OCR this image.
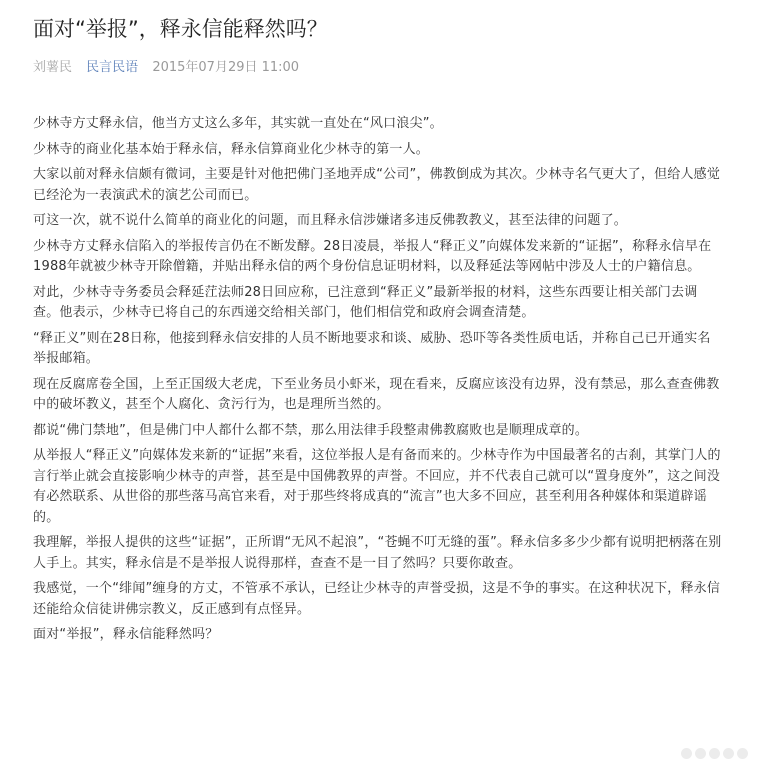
面对“举报”，释永信能释然吗？
刘薯民 民言民语 2015年07月29日 11:00

少林寺方丈释永信，他当方丈这么多年，其实就一直处在“风口浪尖”。

少林寺的商业化基本始于释永信，释永信算商业化少林寺的第一人。

大家以前对释永信颇有微词，主要是针对他把佛门圣地弄成“公司”，佛教倒成为其次。少林寺名气更大了，但给人感觉已经沦为一表演武术的演艺公司而已。

可这一次，就不说什么简单的商业化的问题，而且释永信涉嫌诸多违反佛教教义，甚至法律的问题了。

少林寺方丈释永信陷入的举报传言仍在不断发酵。28日凌晨，举报人“释正义”向媒体发来新的“证据”，称释永信早在1988年就被少林寺开除僧籍，并贴出释永信的两个身份信息证明材料，以及释延法等网帖中涉及人士的户籍信息。

对此，少林寺寺务委员会释延茳法师28日回应称，已注意到“释正义”最新举报的材料，这些东西要让相关部门去调查。他表示，少林寺已将自己的东西递交给相关部门，他们相信党和政府会调查清楚。

“释正义”则在28日称，他接到释永信安排的人员不断地要求和谈、威胁、恐吓等各类性质电话，并称自己已开通实名举报邮箱。

现在反腐席卷全国，上至正国级大老虎，下至业务员小虾米，现在看来，反腐应该没有边界，没有禁忌，那么查查佛教中的破坏教义，甚至个人腐化、贪污行为，也是理所当然的。

都说“佛门禁地”，但是佛门中人都什么都不禁，那么用法律手段整肃佛教腐败也是顺理成章的。

从举报人“释正义”向媒体发来新的“证据”来看，这位举报人是有备而来的。少林寺作为中国最著名的古刹，其掌门人的言行举止就会直接影响少林寺的声誉，甚至是中国佛教界的声誉。不回应，并不代表自己就可以“置身度外”，这之间没有必然联系、从世俗的那些落马高官来看，对于那些终将成真的“流言”也大多不回应，甚至利用各种媒体和渠道辟谣的。

我理解，举报人提供的这些“证据”，正所谓“无风不起浪”，“苍蝇不叮无缝的蛋”。释永信多多少少都有说明把柄落在别人手上。其实，释永信是不是举报人说得那样，查查不是一目了然吗？只要你敢查。

我感觉，一个“绯闻”缠身的方丈，不管承不承认，已经让少林寺的声誉受损，这是不争的事实。在这种状况下，释永信还能给众信徒讲佛宗教义，反正感到有点怪异。

面对“举报”，释永信能释然吗？
